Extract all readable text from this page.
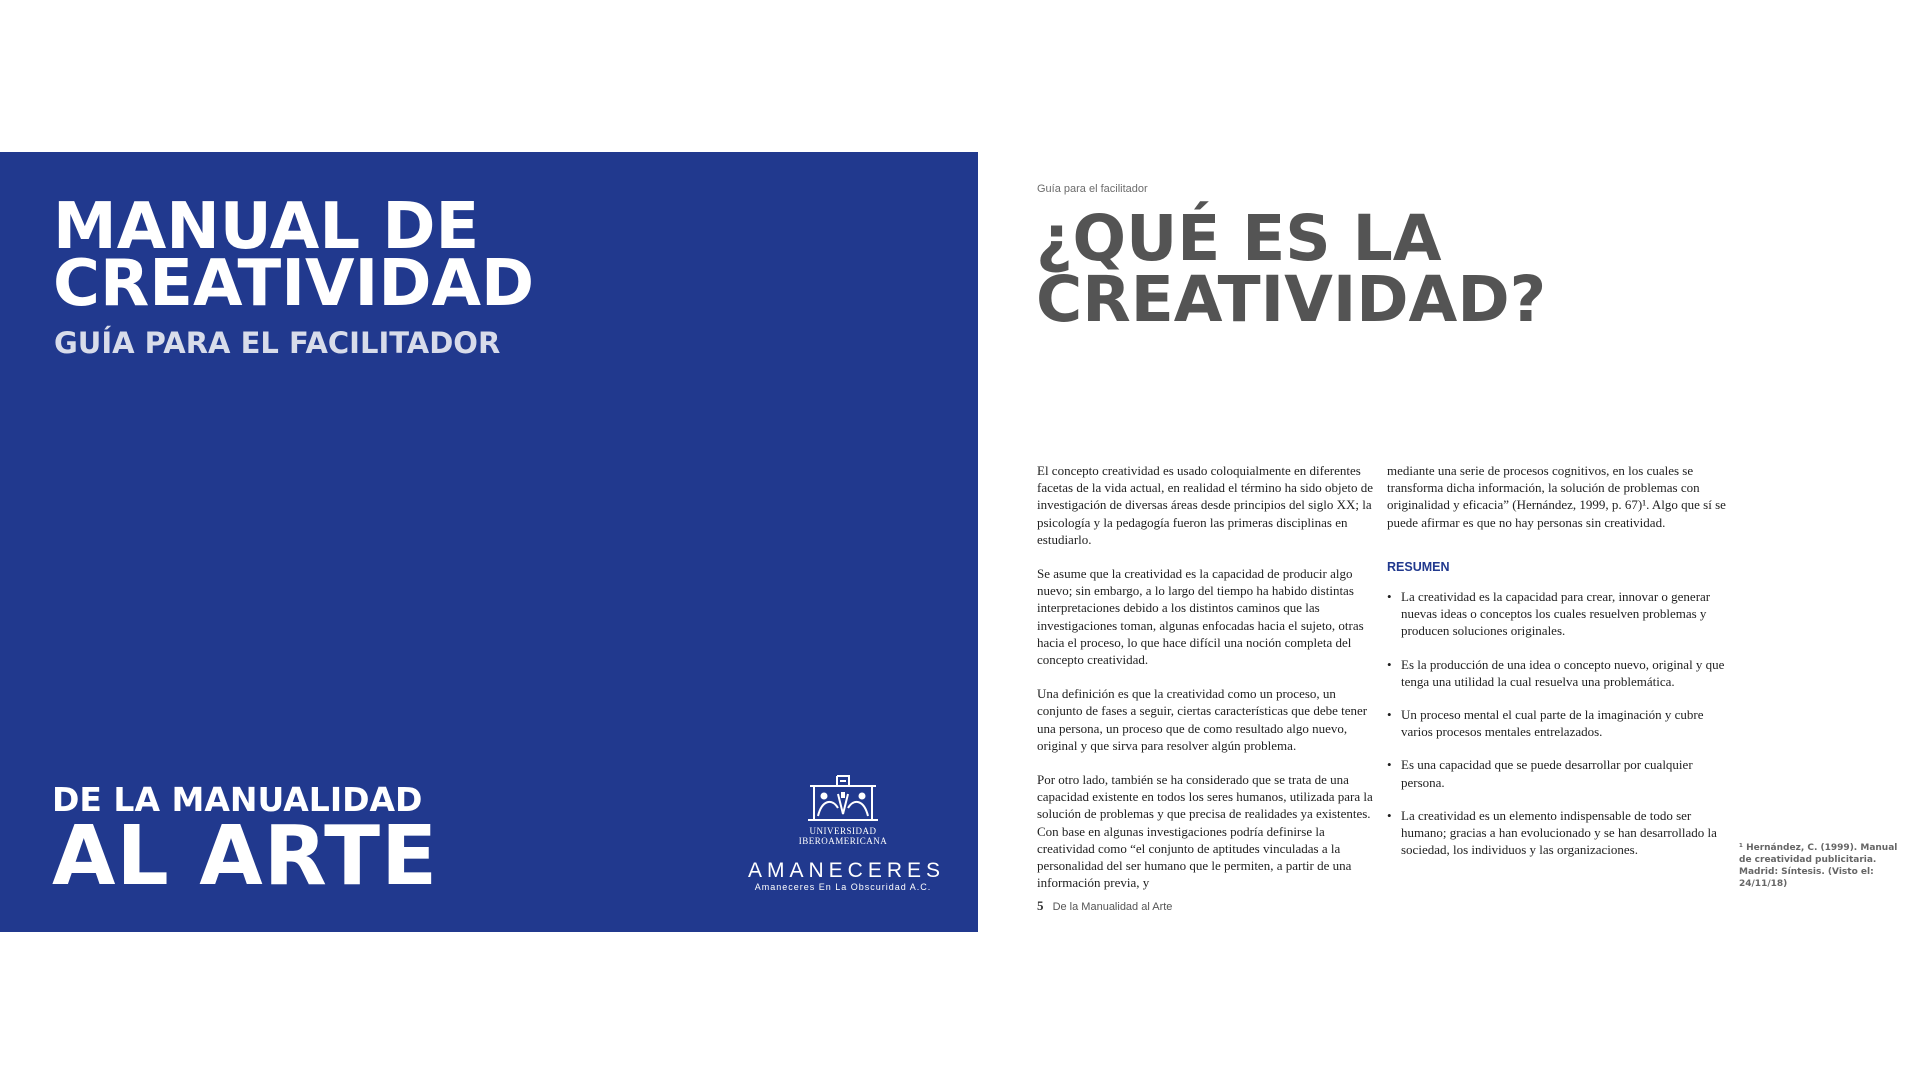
MANUAL DE
CREATIVIDAD
GUÍA PARA EL FACILITADOR
DE LA MANUALIDAD
AL ARTE	UNIVERSIDAD
IBEROAMERICANA
AMANECERES
Amaneceres En La Obscuridad A.C.
Guía para el facilitador
¿QUÉ ES LA
CREATIVIDAD?

El concepto creatividad es usado coloquialmente en diferentes facetas de la vida actual, en realidad el término ha sido objeto de investigación de diversas áreas desde principios del siglo XX; la psicología y la pedagogía fueron las primeras disciplinas en estudiarlo.

Se asume que la creatividad es la capacidad de producir algo nuevo; sin embargo, a lo largo del tiempo ha habido distintas interpretaciones debido a los distintos caminos que las investigaciones toman, algunas enfocadas hacia el sujeto, otras hacia el proceso, lo que hace difícil una noción completa del concepto creatividad.

Una definición es que la creatividad como un proceso, un conjunto de fases a seguir, ciertas características que debe tener una persona, un proceso que de como resultado algo nuevo, original y que sirva para resolver algún problema.

Por otro lado, también se ha considerado que se trata de una capacidad existente en todos los seres humanos, utilizada para la solución de problemas y que precisa de realidades ya existentes. Con base en algunas investigaciones podría definirse la creatividad como “el conjunto de aptitudes vinculadas a la personalidad del ser humano que le permiten, a partir de una información previa, y

mediante una serie de procesos cognitivos, en los cuales se transforma dicha información, la solución de problemas con originalidad y eficacia” (Hernández, 1999, p. 67)¹. Algo que sí se puede afirmar es que no hay personas sin creatividad.

RESUMEN
• La creatividad es la capacidad para crear, innovar o generar nuevas ideas o conceptos los cuales resuelven problemas y producen soluciones originales.
• Es la producción de una idea o concepto nuevo, original y que tenga una utilidad la cual resuelva una problemática.
• Un proceso mental el cual parte de la imaginación y cubre varios procesos mentales entrelazados.
• Es una capacidad que se puede desarrollar por cualquier persona.
• La creatividad es un elemento indispensable de todo ser humano; gracias a han evolucionado y se han desarrollado la sociedad, los individuos y las organizaciones.	¹ Hernández, C. (1999). Manual de creatividad publicitaria. Madrid: Síntesis. (Visto el: 24/11/18)
5 De la Manualidad al Arte
